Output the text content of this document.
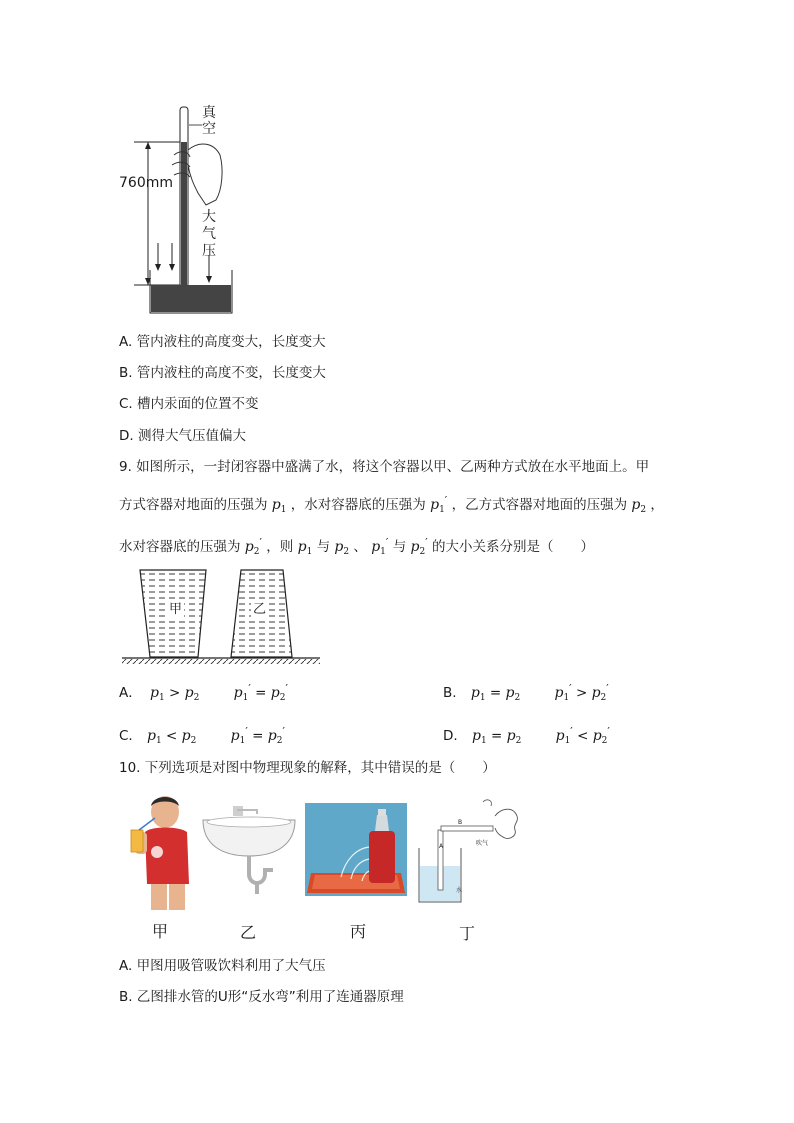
真
空
760mm
大
气
压
A. 管内液柱的高度变大，长度变大
B. 管内液柱的高度不变，长度变大
C. 槽内汞面的位置不变
D. 测得大气压值偏大
9. 如图所示，一封闭容器中盛满了水，将这个容器以甲、乙两种方式放在水平地面上。甲
方式容器对地面的压强为 $p_1$ ，水对容器底的压强为 $p_1'$ ，乙方式容器对地面的压强为 $p_2$ ，
水对容器底的压强为 $p_2'$ ，则 $p_1$ 与 $p_2$ 、 $p_1'$ 与 $p_2'$ 的大小关系分别是（　　）
甲	乙
A． $p_1 > p_2$ $p_1' = p_2'$	B. $p_1 = p_2$ $p_1' > p_2'$
C. $p_1 < p_2$ $p_1' = p_2'$	D. $p_1 = p_2$ $p_1' < p_2'$
10. 下列选项是对图中物理现象的解释，其中错误的是（　　）
A
B
吹气
水
甲	乙	丙	丁
A. 甲图用吸管吸饮料利用了大气压
B. 乙图排水管的U形“反水弯”利用了连通器原理
